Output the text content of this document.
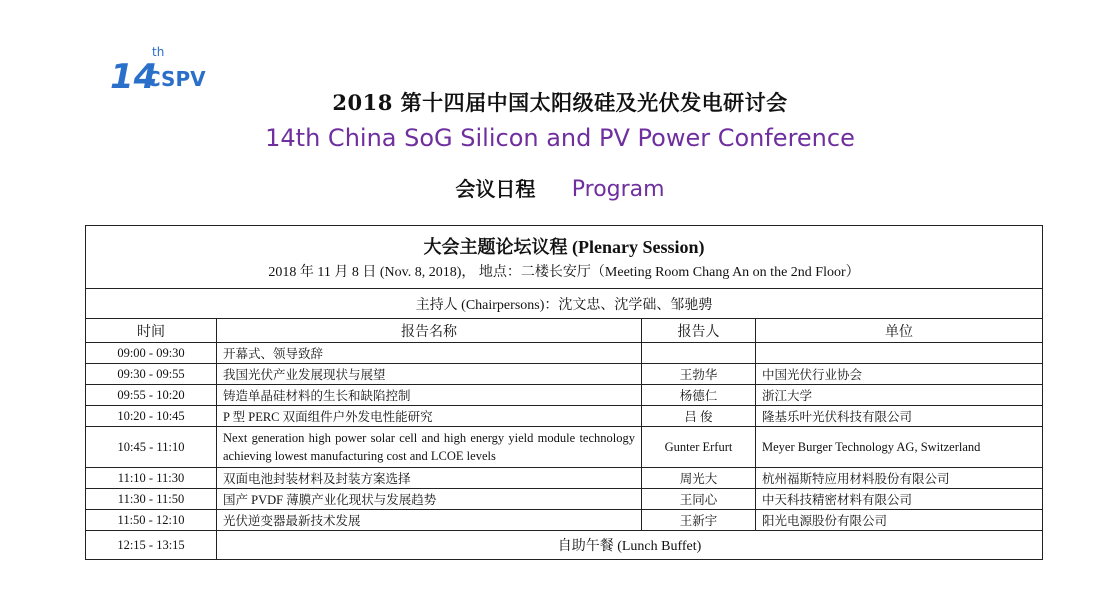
14
th
CSPV
2018 第十四届中国太阳级硅及光伏发电研讨会
14th China SoG Silicon and PV Power Conference
会议日程 Program
大会主题论坛议程 (Plenary Session)
2018 年 11 月 8 日 (Nov. 8, 2018)， 地点：二楼长安厅（Meeting Room Chang An on the 2nd Floor）			

主持人 (Chairpersons)：沈文忠、沈学础、邹驰骋			
时间	报告名称	报告人	单位
09:00 - 09:30	开幕式、领导致辞		
09:30 - 09:55	我国光伏产业发展现状与展望	王勃华	中国光伏行业协会
09:55 - 10:20	铸造单晶硅材料的生长和缺陷控制	杨德仁	浙江大学
10:20 - 10:45	P 型 PERC 双面组件户外发电性能研究	吕 俊	隆基乐叶光伏科技有限公司
10:45 - 11:10	Next generation high power solar cell and high energy yield module technology achieving lowest manufacturing cost and LCOE levels	Gunter Erfurt	Meyer Burger Technology AG, Switzerland
11:10 - 11:30	双面电池封装材料及封装方案选择	周光大	杭州福斯特应用材料股份有限公司
11:30 - 11:50	国产 PVDF 薄膜产业化现状与发展趋势	王同心	中天科技精密材料有限公司
11:50 - 12:10	光伏逆变器最新技术发展	王新宇	阳光电源股份有限公司
12:15 - 13:15	自助午餐 (Lunch Buffet)		
